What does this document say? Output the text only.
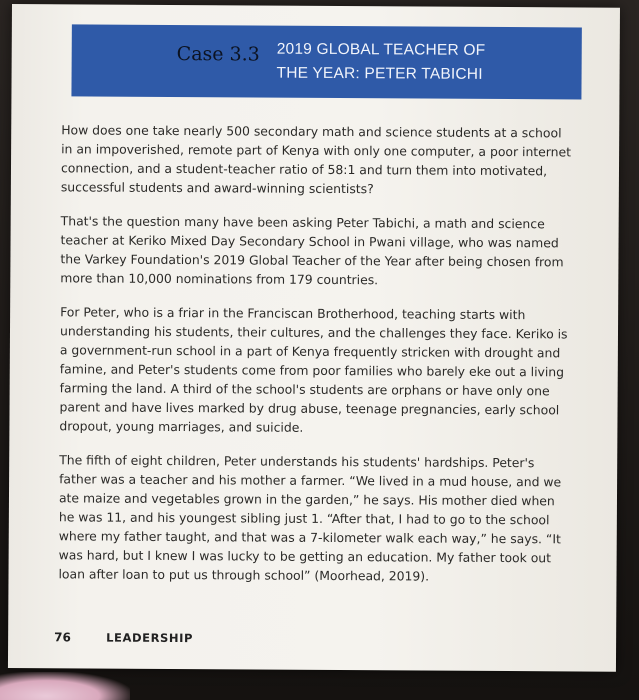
Case 3.3 2019 GLOBAL TEACHER OF
THE YEAR: PETER TABICHI

How does one take nearly 500 secondary math and science students at a school in an impoverished, remote part of Kenya with only one computer, a poor internet connection, and a student-teacher ratio of 58:1 and turn them into motivated, successful students and award-winning scientists?

That's the question many have been asking Peter Tabichi, a math and science teacher at Keriko Mixed Day Secondary School in Pwani village, who was named the Varkey Foundation's 2019 Global Teacher of the Year after being chosen from more than 10,000 nominations from 179 countries.

For Peter, who is a friar in the Franciscan Brotherhood, teaching starts with understanding his students, their cultures, and the challenges they face. Keriko is a government-run school in a part of Kenya frequently stricken with drought and famine, and Peter's students come from poor families who barely eke out a living farming the land. A third of the school's students are orphans or have only one parent and have lives marked by drug abuse, teenage pregnancies, early school dropout, young marriages, and suicide.

The fifth of eight children, Peter understands his students' hardships. Peter's father was a teacher and his mother a farmer. “We lived in a mud house, and we ate maize and vegetables grown in the garden,” he says. His mother died when he was 11, and his youngest sibling just 1. “After that, I had to go to the school where my father taught, and that was a 7-kilometer walk each way,” he says. “It was hard, but I knew I was lucky to be getting an education. My father took out loan after loan to put us through school” (Moorhead, 2019).

76	LEADERSHIP
